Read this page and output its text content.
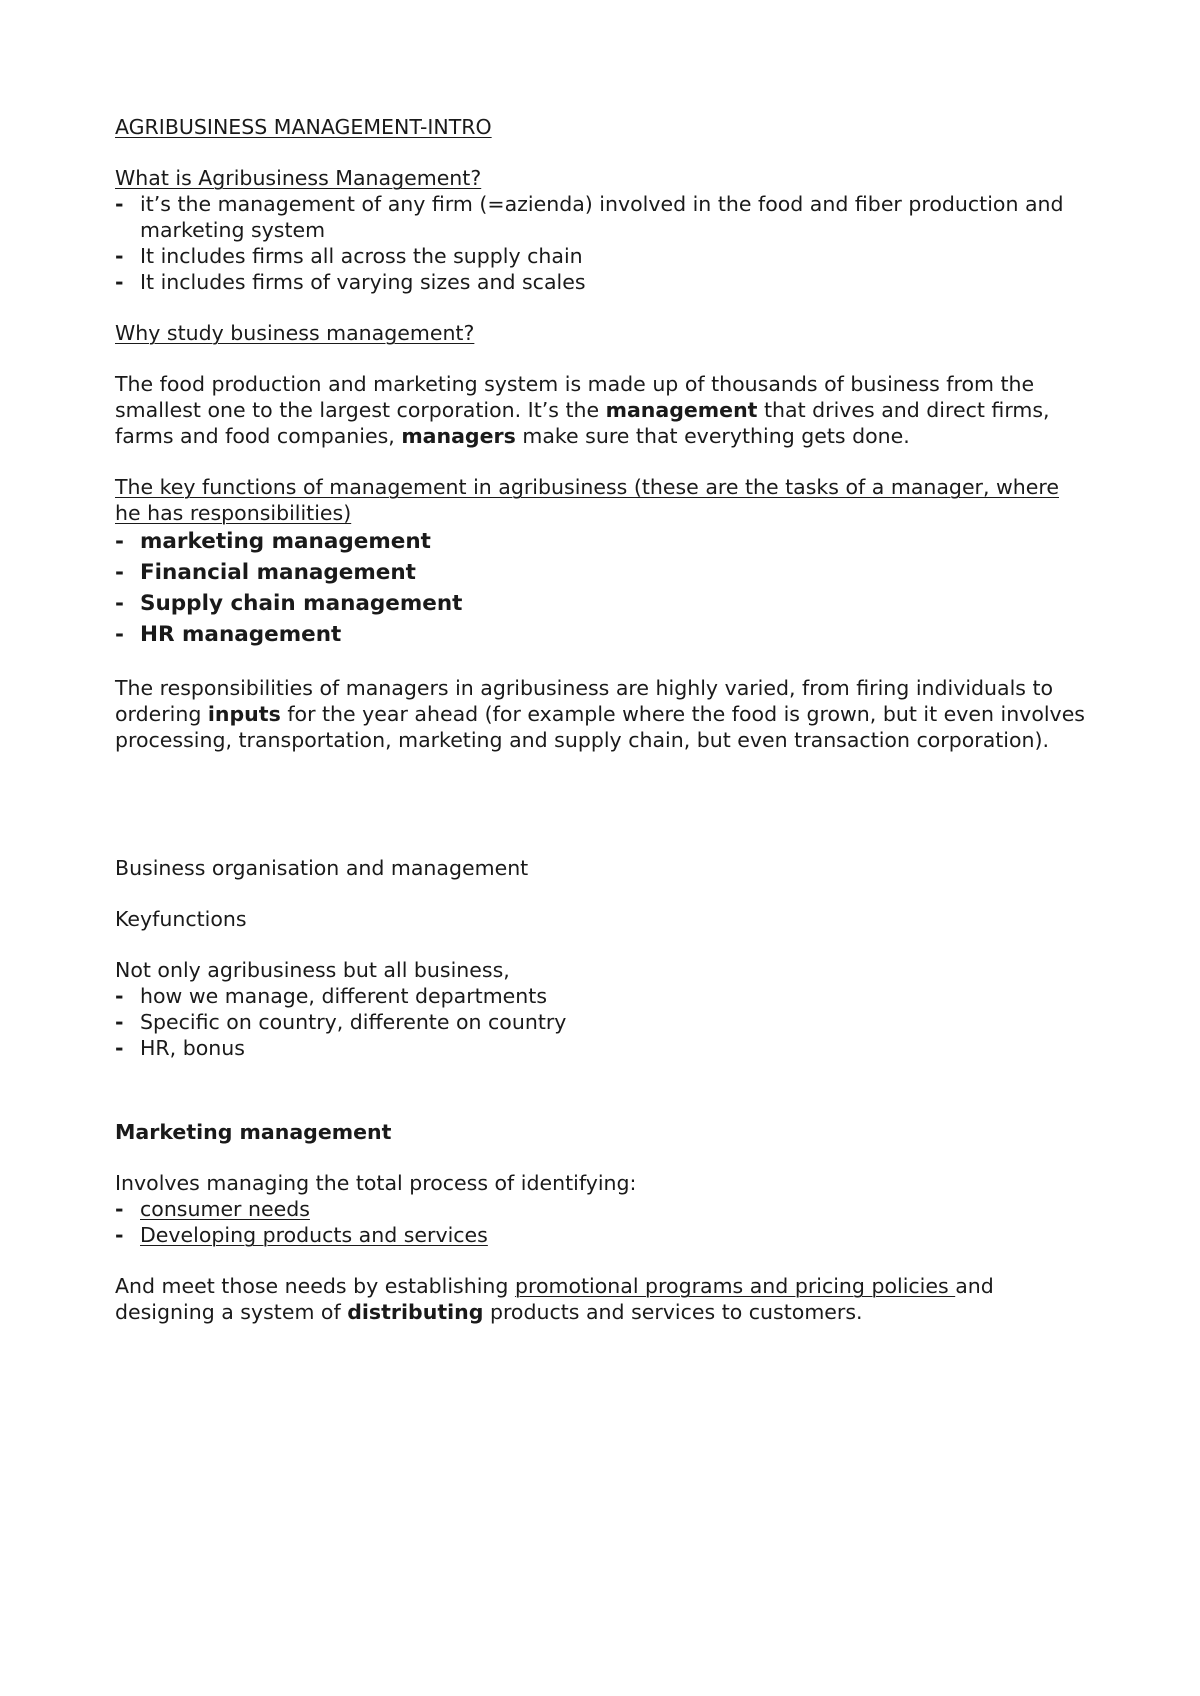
AGRIBUSINESS MANAGEMENT-INTRO

What is Agribusiness Management?

- it’s the management of any firm (=azienda) involved in the food and fiber production and marketing system
- It includes firms all across the supply chain
- It includes firms of varying sizes and scales

Why study business management?

The food production and marketing system is made up of thousands of business from the smallest one to the largest corporation. It’s the management that drives and direct firms, farms and food companies, managers make sure that everything gets done.

The key functions of management in agribusiness (these are the tasks of a manager, where he has responsibilities)

- marketing management
- Financial management
- Supply chain management
- HR management

The responsibilities of managers in agribusiness are highly varied, from firing individuals to ordering inputs for the year ahead (for example where the food is grown, but it even involves processing, transportation, marketing and supply chain, but even transaction corporation).

Business organisation and management

Keyfunctions

Not only agribusiness but all business,

- how we manage, different departments
- Specific on country, differente on country
- HR, bonus

Marketing management

Involves managing the total process of identifying:

- consumer needs
- Developing products and services

And meet those needs by establishing promotional programs and pricing policies and designing a system of distributing products and services to customers.
